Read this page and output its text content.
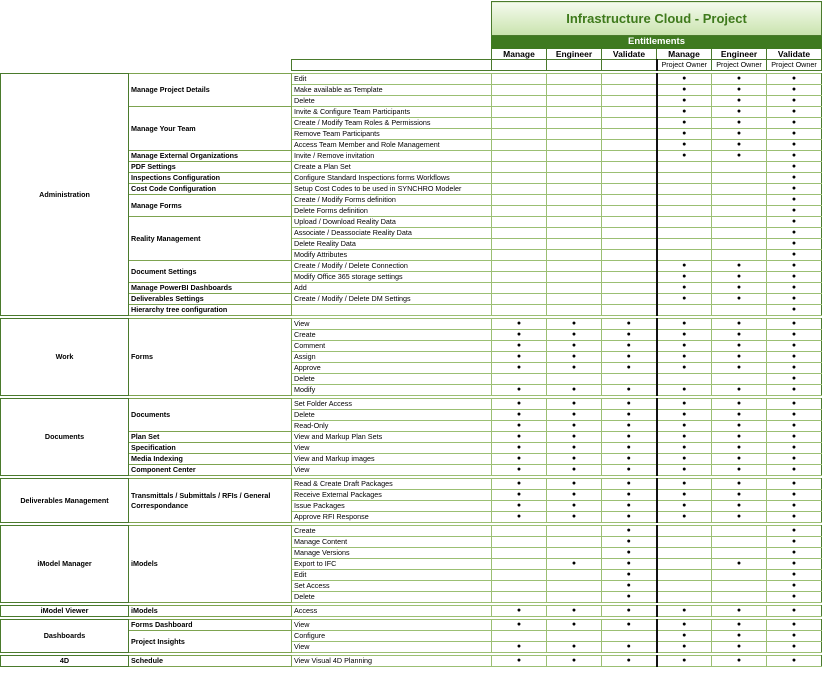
			Infrastructure Cloud - Project					
			Entitlements					
			Manage	Engineer	Validate	Manage	Engineer	Validate
						Project Owner	Project Owner	Project Owner

Administration	Manage Project Details	Edit				●	●	●
		Make available as Template				●	●	●
		Delete				●	●	●
	Manage Your Team	Invite & Configure Team Participants				●	●	●
		Create / Modify Team Roles & Permissions				●	●	●
		Remove Team Participants				●	●	●
		Access Team Member and Role Management				●	●	●
	Manage External Organizations	Invite / Remove invitation				●	●	●
	PDF Settings	Create a Plan Set						●
	Inspections Configuration	Configure Standard Inspections forms Workflows						●
	Cost Code Configuration	Setup Cost Codes to be used in SYNCHRO Modeler						●
	Manage Forms	Create / Modify Forms definition						●
		Delete Forms definition						●
	Reality Management	Upload / Download Reality Data						●
		Associate / Deassociate Reality Data						●
		Delete Reality Data						●
		Modify Attributes						●
	Document Settings	Create / Modify / Delete Connection				●	●	●
		Modify Office 365 storage settings				●	●	●
	Manage PowerBI Dashboards	Add				●	●	●
	Deliverables Settings	Create / Modify / Delete DM Settings				●	●	●
	Hierarchy tree configuration							●

Work	Forms	View	●	●	●	●	●	●
		Create	●	●	●	●	●	●
		Comment	●	●	●	●	●	●
		Assign	●	●	●	●	●	●
		Approve	●	●	●	●	●	●
		Delete						●
		Modify	●	●	●	●	●	●

Documents	Documents	Set Folder Access	●	●	●	●	●	●
		Delete	●	●	●	●	●	●
		Read-Only	●	●	●	●	●	●
	Plan Set	View and Markup Plan Sets	●	●	●	●	●	●
	Specification	View	●	●	●	●	●	●
	Media Indexing	View and Markup images	●	●	●	●	●	●
	Component Center	View	●	●	●	●	●	●

Deliverables Management	Transmittals / Submittals / RFIs / General Correspondance	Read & Create Draft Packages	●	●	●	●	●	●
		Receive External Packages	●	●	●	●	●	●
		Issue Packages	●	●	●	●	●	●
		Approve RFI Response	●	●	●	●	●	●

iModel Manager	iModels	Create			●			●
		Manage Content			●			●
		Manage Versions			●			●
		Export to IFC		●	●		●	●
		Edit			●			●
		Set Access			●			●
		Delete			●			●

iModel Viewer	iModels	Access	●	●	●	●	●	●

Dashboards	Forms Dashboard	View	●	●	●	●	●	●
	Project Insights	Configure				●	●	●
		View	●	●	●	●	●	●

4D	Schedule	View Visual 4D Planning	●	●	●	●	●	●
